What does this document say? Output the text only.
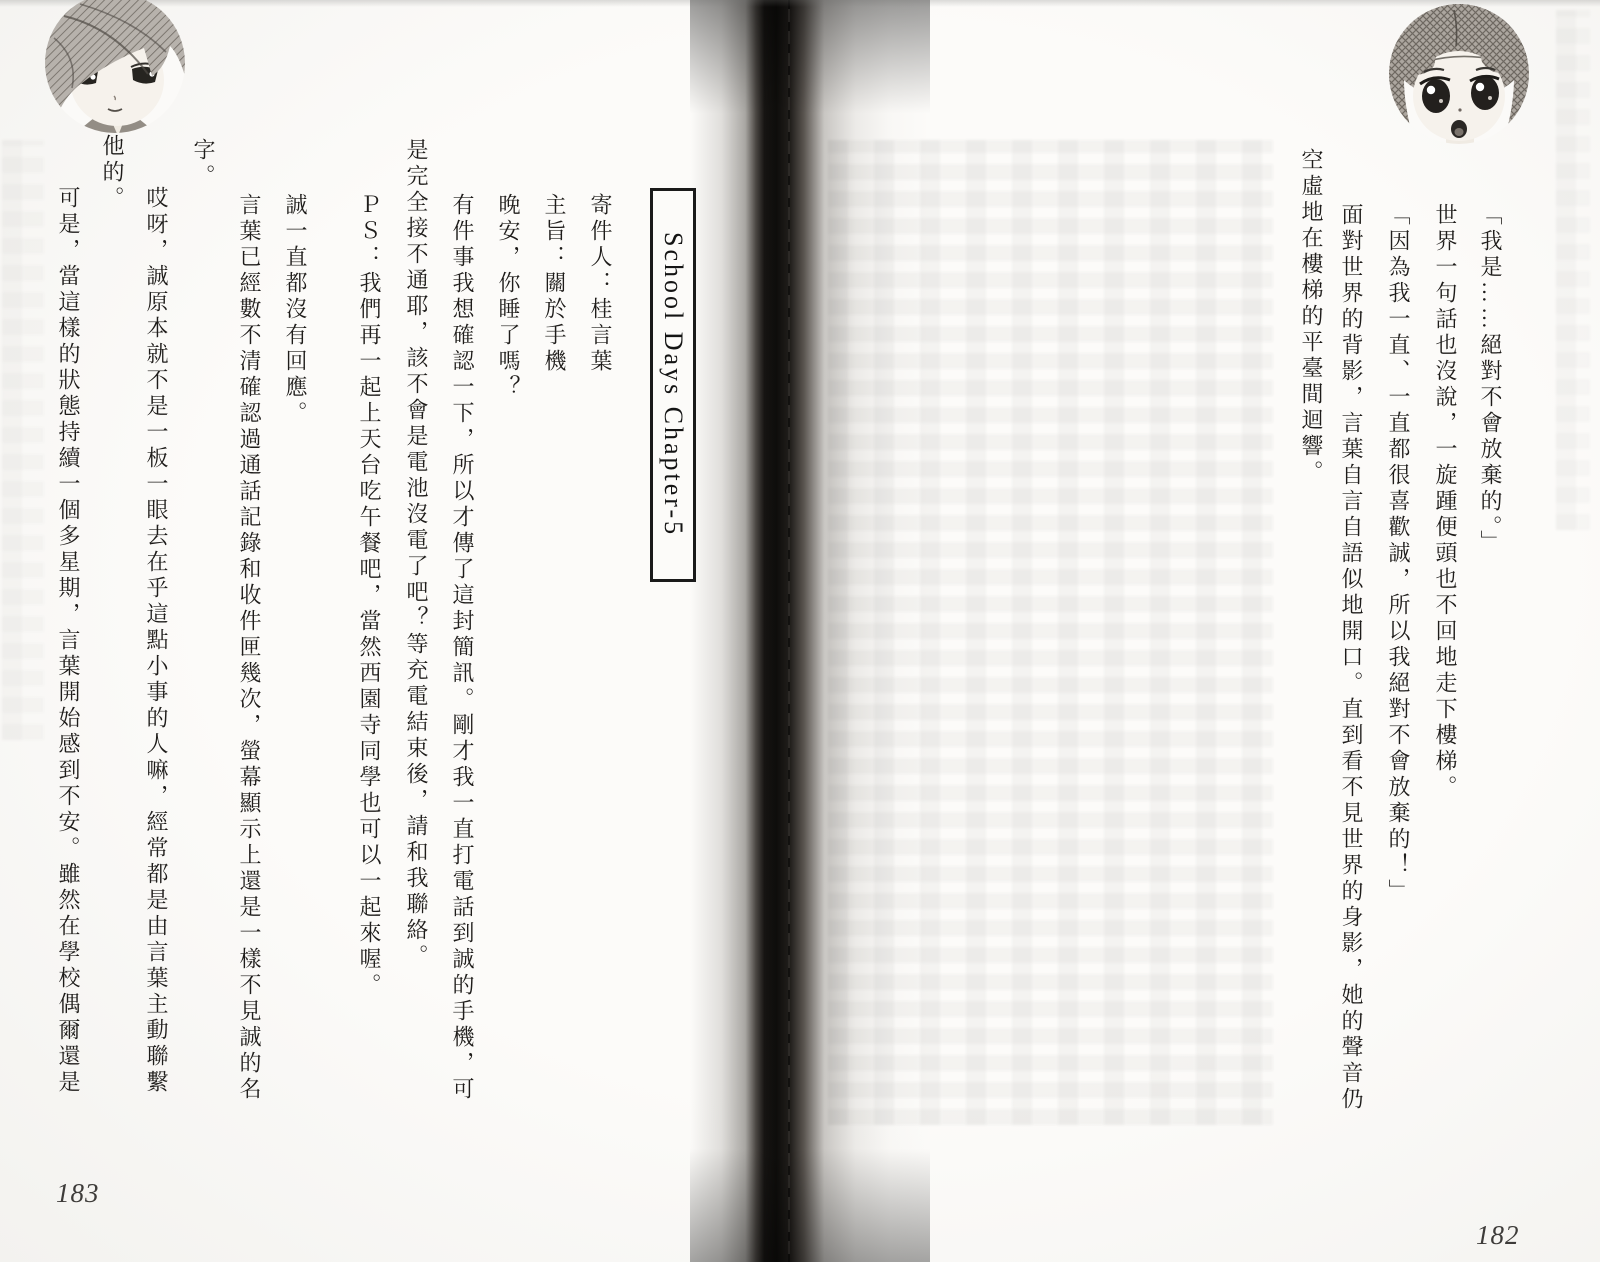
School Days Chapter-5
寄件人：桂言葉
主旨：關於手機
晚安，你睡了嗎？
有件事我想確認一下，所以才傳了這封簡訊。剛才我一直打電話到誠的手機，可
是完全接不通耶，該不會是電池沒電了吧？等充電結束後，請和我聯絡。
ＰＳ：我們再一起上天台吃午餐吧，當然西園寺同學也可以一起來喔。
誠一直都沒有回應。
言葉已經數不清確認過通話記錄和收件匣幾次，螢幕顯示上還是一樣不見誠的名
字。
哎呀，誠原本就不是一板一眼去在乎這點小事的人嘛，經常都是由言葉主動聯繫
他的。
可是，當這樣的狀態持續一個多星期，言葉開始感到不安。雖然在學校偶爾還是
183
「我是……絕對不會放棄的。」
世界一句話也沒說，一旋踵便頭也不回地走下樓梯。
「因為我一直、一直都很喜歡誠，所以我絕對不會放棄的！」
面對世界的背影，言葉自言自語似地開口。直到看不見世界的身影，她的聲音仍
空虛地在樓梯的平臺間迴響。
182
